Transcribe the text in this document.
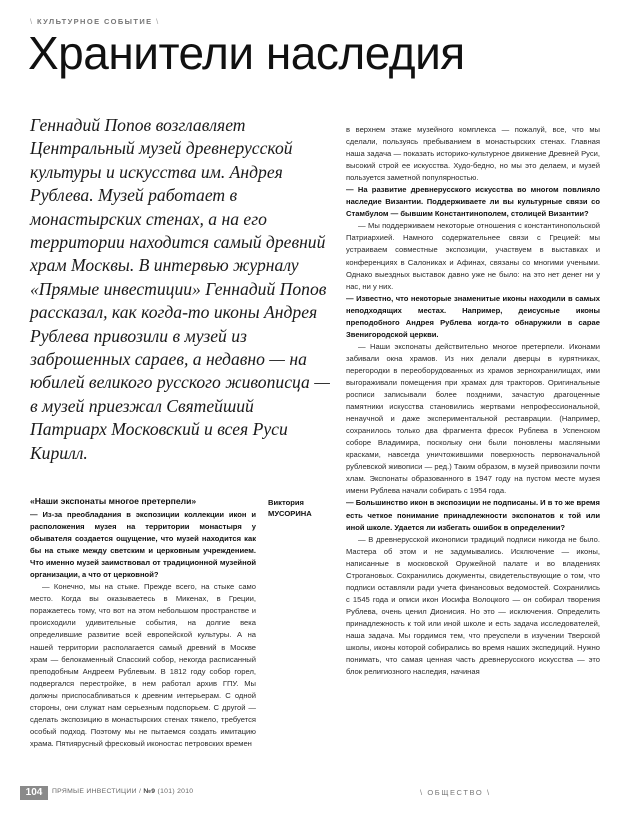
\ КУЛЬТУРНОЕ СОБЫТИЕ \
Хранители наследия
Геннадий Попов возглавляет Центральный музей древнерусской культуры и искусства им. Андрея Рублева. Музей работает в монастырских стенах, а на его территории находится самый древний храм Москвы. В интервью журналу «Прямые инвестиции» Геннадий Попов рассказал, как когда-то иконы Андрея Рублева привозили в музей из заброшенных сараев, а недавно — на юбилей великого русского живописца — в музей приезжал Святейший Патриарх Московский и всея Руси Кирилл.
«Наши экспонаты многое претерпели»	Виктория
МУСОРИНА

— Из-за преобладания в экспозиции коллекции икон и расположения музея на территории монастыря у обывателя создается ощущение, что музей находится как бы на стыке между светским и церковным учреждением. Что именно музей заимствовал от традиционной музейной организации, а что от церковной?

— Конечно, мы на стыке. Прежде всего, на стыке само место. Когда вы оказываетесь в Микенах, в Греции, поражаетесь тому, что вот на этом небольшом пространстве и происходили удивительные события, на долгие века определившие развитие всей европейской культуры. А на нашей территории располагается самый древний в Москве храм — белокаменный Спасский собор, некогда расписанный преподобным Андреем Рублевым. В 1812 году собор горел, подвергался перестройке, в нем работал архив ГПУ. Мы должны приспосабливаться к древним интерьерам. С одной стороны, они служат нам серьезным подспорьем. С другой — сделать экспозицию в монастырских стенах тяжело, требуется особый подход. Поэтому мы не пытаемся создать имитацию храма. Пятиярусный фресковый иконостас петровских времен

в верхнем этаже музейного комплекса — пожалуй, все, что мы сделали, пользуясь пребыванием в монастырских стенах. Главная наша задача — показать историко-культурное движение Древней Руси, высокий строй ее искусства. Худо-бедно, но мы это делаем, и музей пользуется заметной популярностью.

— На развитие древнерусского искусства во многом повлияло наследие Византии. Поддерживаете ли вы культурные связи со Стамбулом — бывшим Константинополем, столицей Византии?

— Мы поддерживаем некоторые отношения с константинопольской Патриархией. Намного содержательнее связи с Грецией: мы устраиваем совместные экспозиции, участвуем в выставках и конференциях в Салониках и Афинах, связаны со многими учеными. Однако выездных выставок давно уже не было: на это нет денег ни у нас, ни у них.

— Известно, что некоторые знаменитые иконы находили в самых неподходящих местах. Например, деисусные иконы преподобного Андрея Рублева когда-то обнаружили в сарае Звенигородской церкви.

— Наши экспонаты действительно многое претерпели. Иконами забивали окна храмов. Из них делали дверцы в курятниках, перегородки в переоборудованных из храмов зернохранилищах, ими выгораживали помещения при храмах для тракторов. Оригинальные росписи записывали более поздними, зачастую драгоценные памятники искусства становились жертвами непрофессиональной, ненаучной и даже экспериментальной реставрации. (Например, сохранилось только два фрагмента фресок Рублева в Успенском соборе Владимира, поскольку они были поновлены масляными красками, навсегда уничтожившими поверхность первоначальной рублевской живописи — ред.) Таким образом, в музей привозили почти хлам. Экспонаты образованного в 1947 году на пустом месте музея имени Рублева начали собирать с 1954 года.

— Большинство икон в экспозиции не подписаны. И в то же время есть четкое понимание принадлежности экспонатов к той или иной школе. Удается ли избегать ошибок в определении?

— В древнерусской иконописи традиций подписи никогда не было. Мастера об этом и не задумывались. Исключение — иконы, написанные в московской Оружейной палате и во владениях Строгановых. Сохранились документы, свидетельствующие о том, что подписи оставляли ради учета финансовых ведомостей. Сохранились с 1545 года и описи икон Иосифа Волоцкого — он собирал творения Рублева, очень ценил Дионисия. Но это — исключения. Определить принадлежность к той или иной школе и есть задача исследователей, наша задача. Мы гордимся тем, что преуспели в изучении Тверской школы, иконы которой собирались во время наших экспедиций. Нужно понимать, что самая ценная часть древнерусского искусства — это блок религиозного наследия, начиная

104	ПРЯМЫЕ ИНВЕСТИЦИИ / №9 (101) 2010	\ ОБЩЕСТВО \
